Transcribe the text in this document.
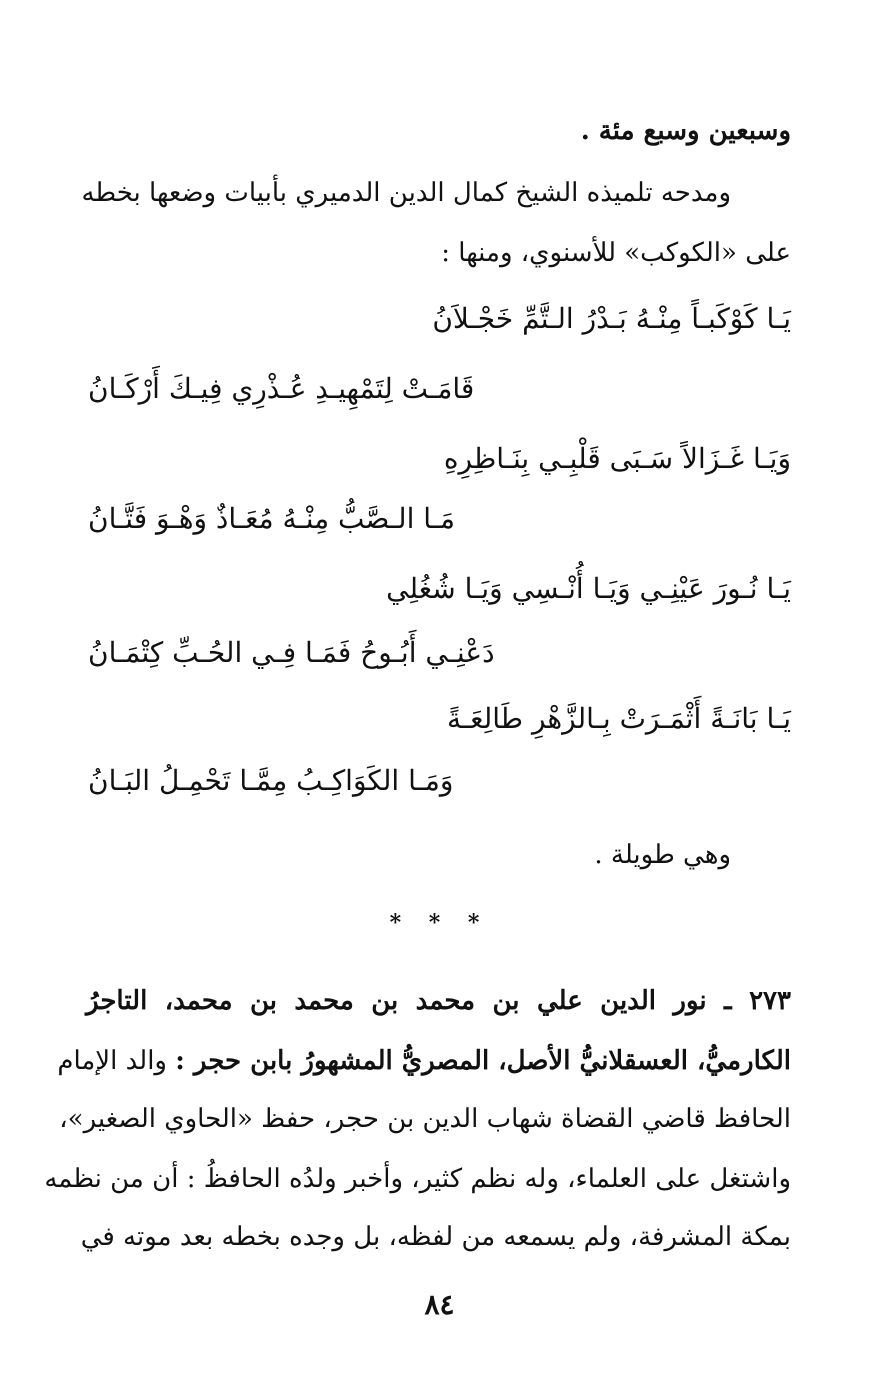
وسبعين وسبع مئة .
ومدحه تلميذه الشيخ كمال الدين الدميري بأبيات وضعها بخطه
على «الكوكب» للأسنوي، ومنها :
يَـا كَوْكَبـاً مِنْـهُ بَـدْرُ الـتَّمِّ خَجْـلاَنُ
قَامَـتْ لِتَمْهِيـدِ عُـذْرِي فِيـكَ أَرْكَـانُ
وَيَـا غَـزَالاً سَـبَى قَلْبِـي بِنَـاظِرِهِ
مَـا الـصَّبُّ مِنْـهُ مُعَـاذٌ وَهْـوَ فَتَّـانُ
يَـا نُـورَ عَيْنِـي وَيَـا أُنْـسِي وَيَـا شُغُلِي
دَعْنِـي أَبُـوحُ فَمَـا فِـي الحُـبِّ كِتْمَـانُ
يَـا بَانَـةً أَثْمَـرَتْ بِـالزَّهْرِ طَالِعَـةً
وَمَـا الكَوَاكِـبُ مِمَّـا تَحْمِـلُ البَـانُ
وهي طويلة .
* * *
٢٧٣ ـ نور الدين علي بن محمد بن محمد بن محمد، التاجرُ
الكارميُّ، العسقلانيُّ الأصل، المصريُّ المشهورُ بابن حجر : والد الإمام
الحافظ قاضي القضاة شهاب الدين بن حجر، حفظ «الحاوي الصغير»،
واشتغل على العلماء، وله نظم كثير، وأخبر ولدُه الحافظُ : أن من نظمه
بمكة المشرفة، ولم يسمعه من لفظه، بل وجده بخطه بعد موته في
٨٤
